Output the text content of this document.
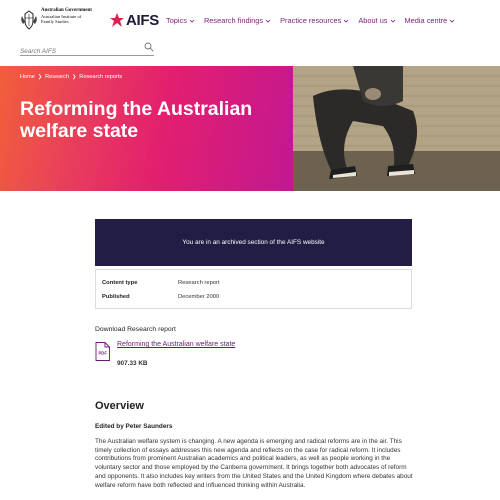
Australian Government
Australian Institute of
Family Studies	AIFS Topics Research findings Practice resources About us Media centre
Search AIFS
Home ❯ Research ❯ Research reports
Reforming the Australian welfare state
You are in an archived section of the AIFS website
Content type	Research report
Published	December 2000
Download Research report
PDF
Reforming the Australian welfare state
907.33 KB
Overview
Edited by Peter Saunders

The Australian welfare system is changing. A new agenda is emerging and radical reforms are in the air. This timely collection of essays addresses this new agenda and reflects on the case for radical reform. It includes contributions from prominent Australian academics and political leaders, as well as people working in the voluntary sector and those employed by the Canberra government. It brings together both advocates of reform and opponents. It also includes key writers from the United States and the United Kingdom where debates about welfare reform have both reflected and influenced thinking within Australia.
